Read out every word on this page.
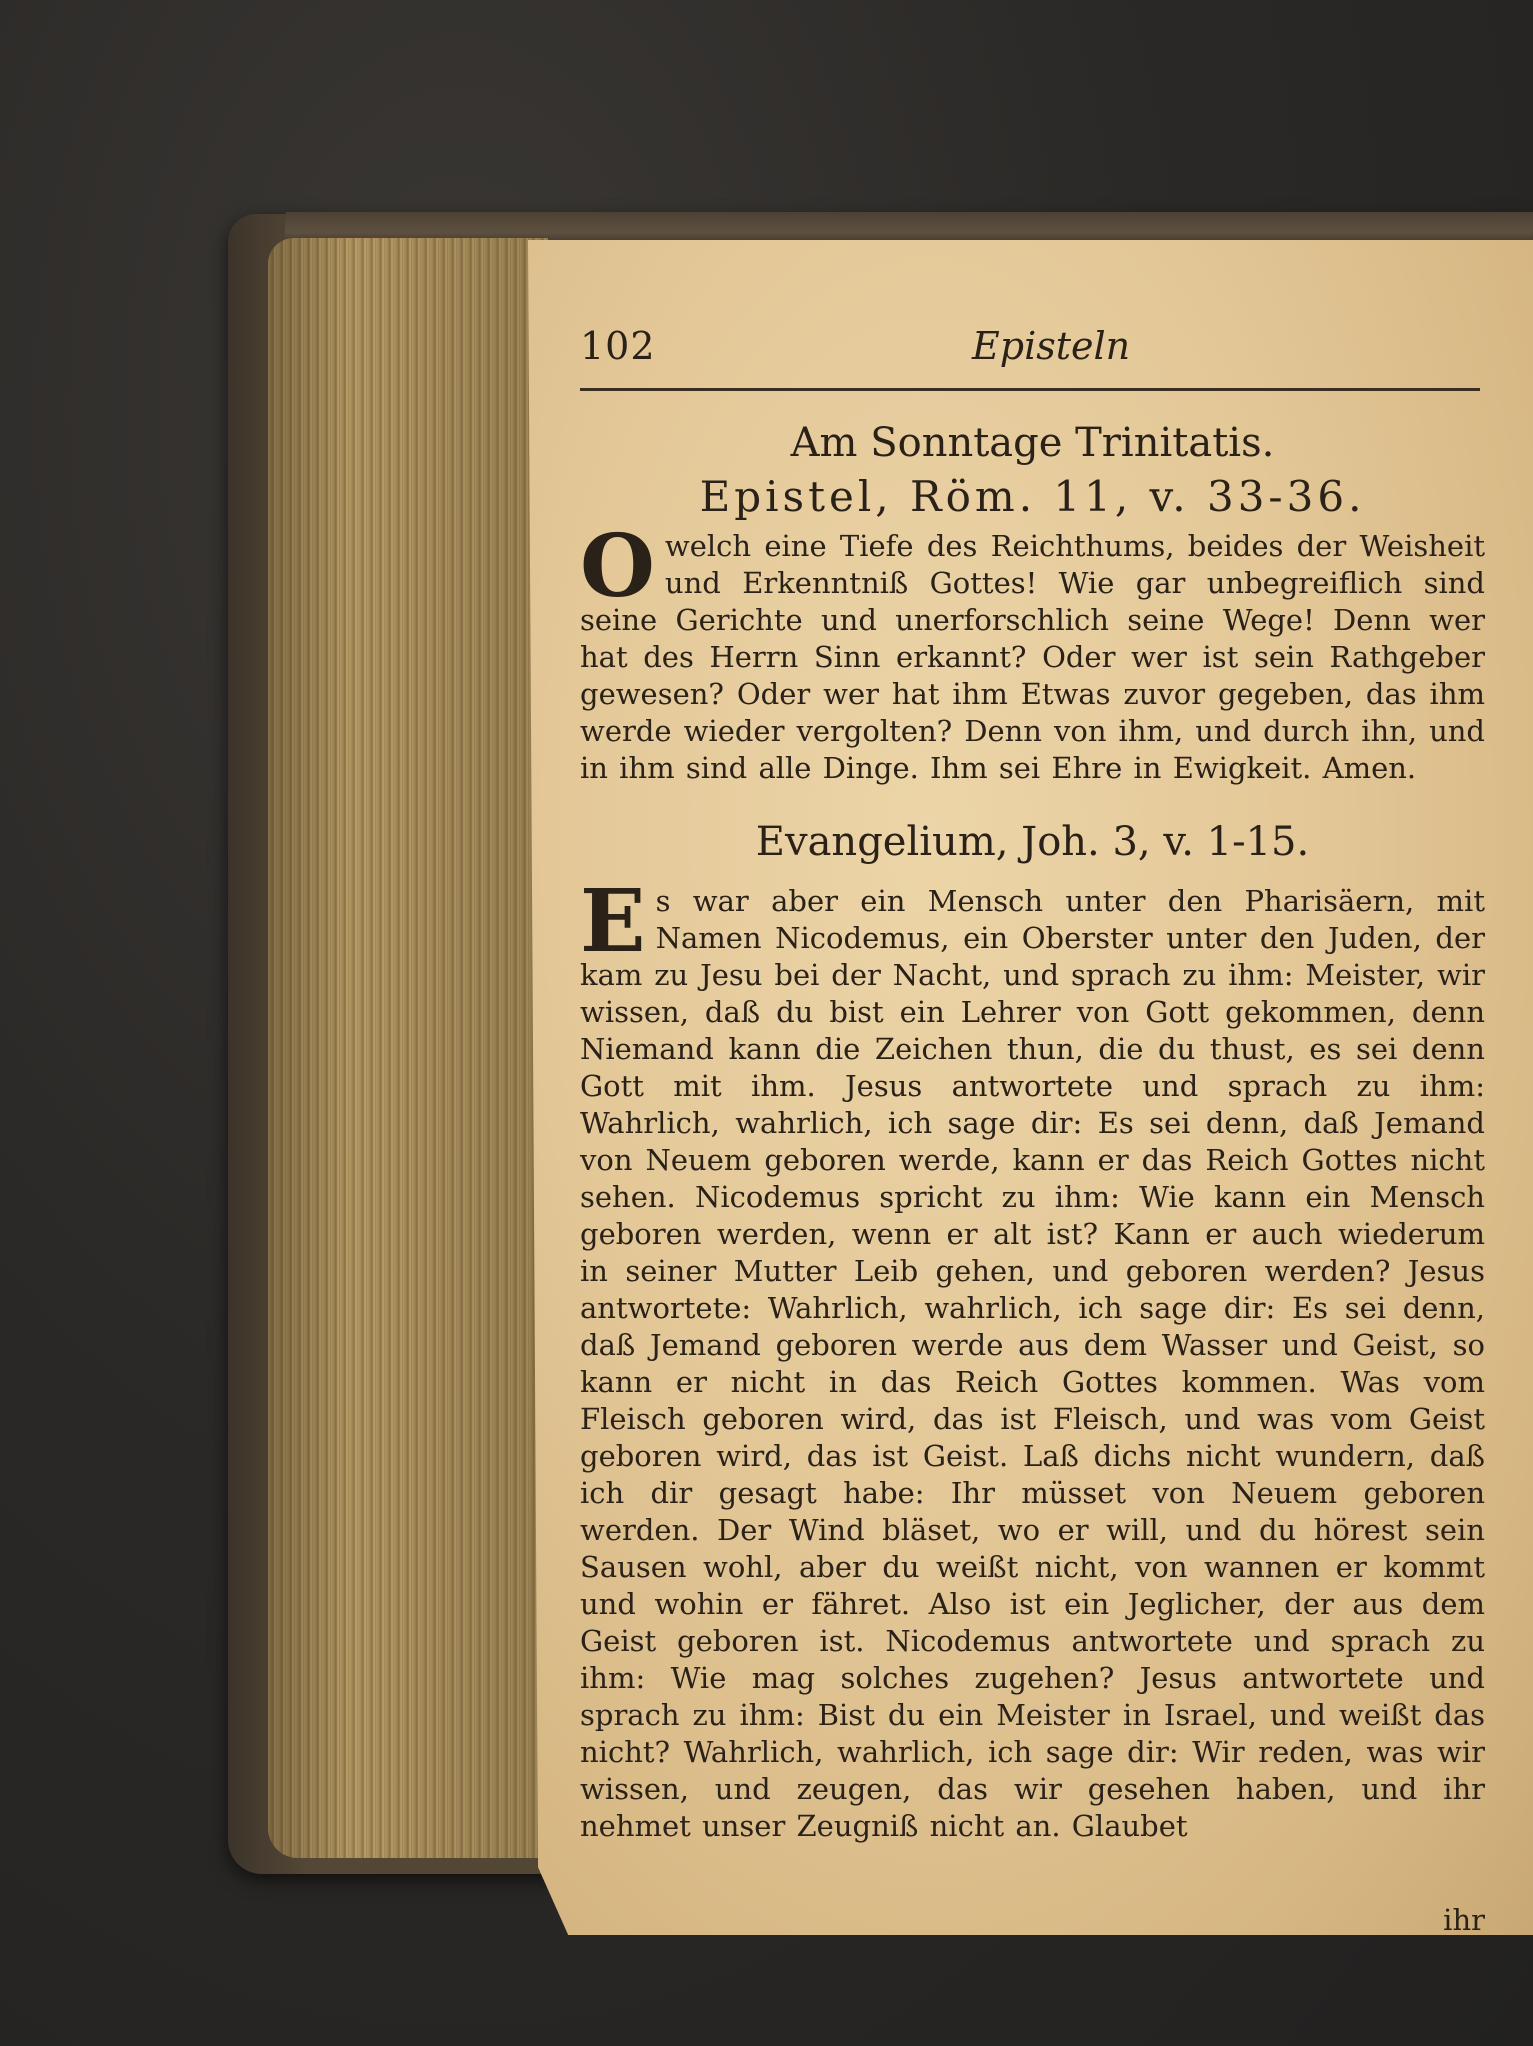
102	Episteln
Am Sonntage Trinitatis.
Epistel, Röm. 11, v. 33-36.

O welch eine Tiefe des Reichthums, beides der Weisheit und Erkenntniß Gottes! Wie gar unbegreiflich sind seine Gerichte und unerforschlich seine Wege! Denn wer hat des Herrn Sinn erkannt? Oder wer ist sein Rathgeber gewesen? Oder wer hat ihm Etwas zuvor gegeben, das ihm werde wieder vergolten? Denn von ihm, und durch ihn, und in ihm sind alle Dinge. Ihm sei Ehre in Ewigkeit. Amen.

Evangelium, Joh. 3, v. 1-15.

E s war aber ein Mensch unter den Pharisäern, mit Namen Nicodemus, ein Oberster unter den Juden, der kam zu Jesu bei der Nacht, und sprach zu ihm: Meister, wir wissen, daß du bist ein Lehrer von Gott gekommen, denn Niemand kann die Zeichen thun, die du thust, es sei denn Gott mit ihm. Jesus antwortete und sprach zu ihm: Wahrlich, wahrlich, ich sage dir: Es sei denn, daß Jemand von Neuem geboren werde, kann er das Reich Gottes nicht sehen. Nicodemus spricht zu ihm: Wie kann ein Mensch geboren werden, wenn er alt ist? Kann er auch wiederum in seiner Mutter Leib gehen, und geboren werden? Jesus antwortete: Wahrlich, wahrlich, ich sage dir: Es sei denn, daß Jemand geboren werde aus dem Wasser und Geist, so kann er nicht in das Reich Gottes kommen. Was vom Fleisch geboren wird, das ist Fleisch, und was vom Geist geboren wird, das ist Geist. Laß dichs nicht wundern, daß ich dir gesagt habe: Ihr müsset von Neuem geboren werden. Der Wind bläset, wo er will, und du hörest sein Sausen wohl, aber du weißt nicht, von wannen er kommt und wohin er fähret. Also ist ein Jeglicher, der aus dem Geist geboren ist. Nicodemus antwortete und sprach zu ihm: Wie mag solches zugehen? Jesus antwortete und sprach zu ihm: Bist du ein Meister in Israel, und weißt das nicht? Wahrlich, wahrlich, ich sage dir: Wir reden, was wir wissen, und zeugen, das wir gesehen haben, und ihr nehmet unser Zeugniß nicht an. Glaubet

ihr
